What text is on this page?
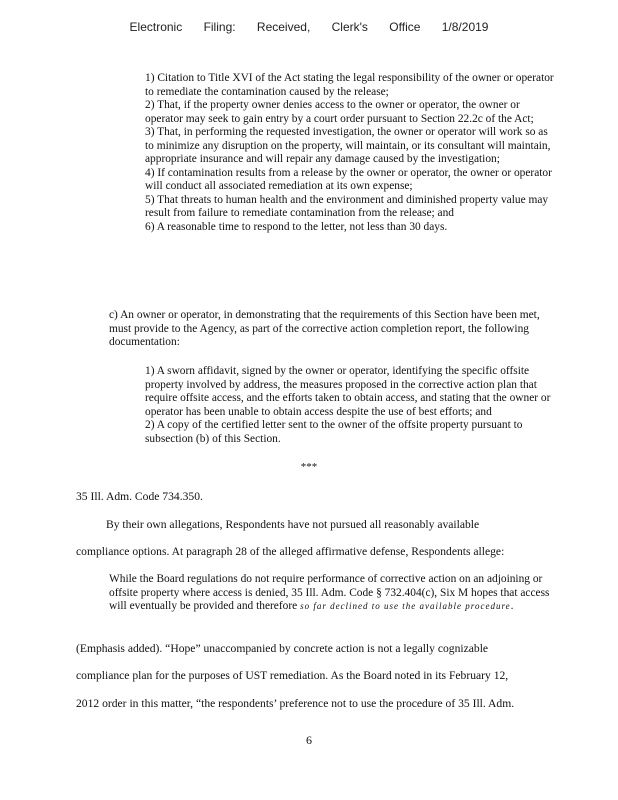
Electronic Filing: Received, Clerk's Office 1/8/2019

1) Citation to Title XVI of the Act stating the legal responsibility of the owner or operator to remediate the contamination caused by the release;

2) That, if the property owner denies access to the owner or operator, the owner or operator may seek to gain entry by a court order pursuant to Section 22.2c of the Act;

3) That, in performing the requested investigation, the owner or operator will work so as to minimize any disruption on the property, will maintain, or its consultant will maintain, appropriate insurance and will repair any damage caused by the investigation;

4) If contamination results from a release by the owner or operator, the owner or operator will conduct all associated remediation at its own expense;

5) That threats to human health and the environment and diminished property value may result from failure to remediate contamination from the release; and

6) A reasonable time to respond to the letter, not less than 30 days.

c) An owner or operator, in demonstrating that the requirements of this Section have been met, must provide to the Agency, as part of the corrective action completion report, the following documentation:

1) A sworn affidavit, signed by the owner or operator, identifying the specific offsite property involved by address, the measures proposed in the corrective action plan that require offsite access, and the efforts taken to obtain access, and stating that the owner or operator has been unable to obtain access despite the use of best efforts; and

2) A copy of the certified letter sent to the owner of the offsite property pursuant to subsection (b) of this Section.

***
35 Ill. Adm. Code 734.350.
By their own allegations, Respondents have not pursued all reasonably available
compliance options. At paragraph 28 of the alleged affirmative defense, Respondents allege:
While the Board regulations do not require performance of corrective action on an adjoining or offsite property where access is denied, 35 Ill. Adm. Code § 732.404(c), Six M hopes that access will eventually be provided and therefore so far declined to use the available procedure.
(Emphasis added). “Hope” unaccompanied by concrete action is not a legally cognizable
compliance plan for the purposes of UST remediation. As the Board noted in its February 12,
2012 order in this matter, “the respondents’ preference not to use the procedure of 35 Ill. Adm.
6
